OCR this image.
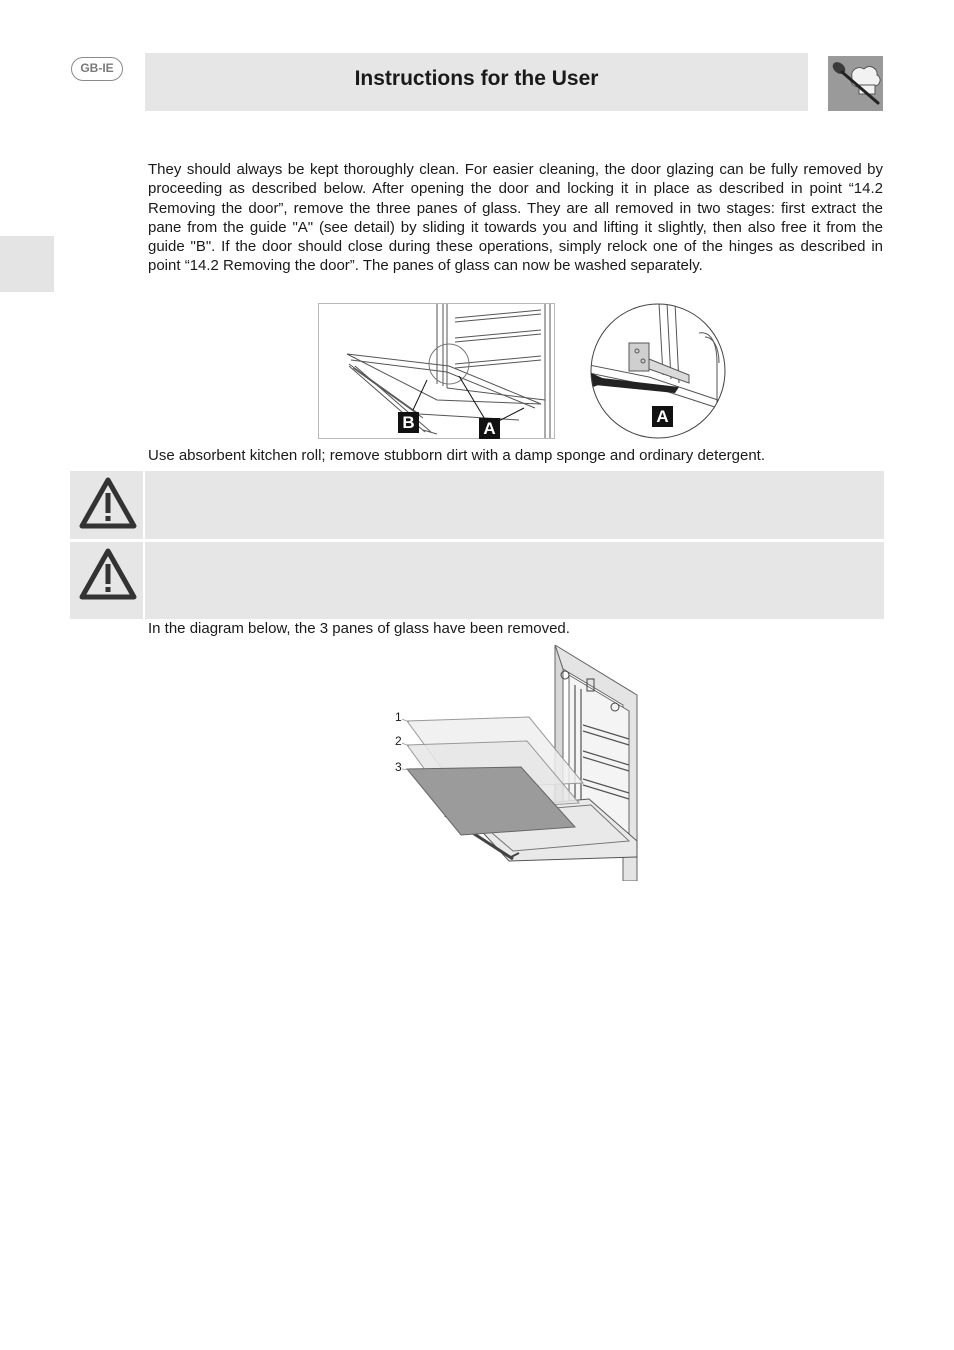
GB-IE	Instructions for the User

They should always be kept thoroughly clean. For easier cleaning, the door glazing can be fully removed by proceeding as described below. After opening the door and locking it in place as described in point “14.2 Removing the door”, remove the three panes of glass. They are all removed in two stages: first extract the pane from the guide "A" (see detail) by sliding it towards you and lifting it slightly, then also free it from the guide "B". If the door should close during these operations, simply relock one of the hinges as described in point “14.2 Removing the door”. The panes of glass can now be washed separately.

B	A
A

Use absorbent kitchen roll; remove stubborn dirt with a damp sponge and ordinary detergent.

In the diagram below, the 3 panes of glass have been removed.

1
2
3
